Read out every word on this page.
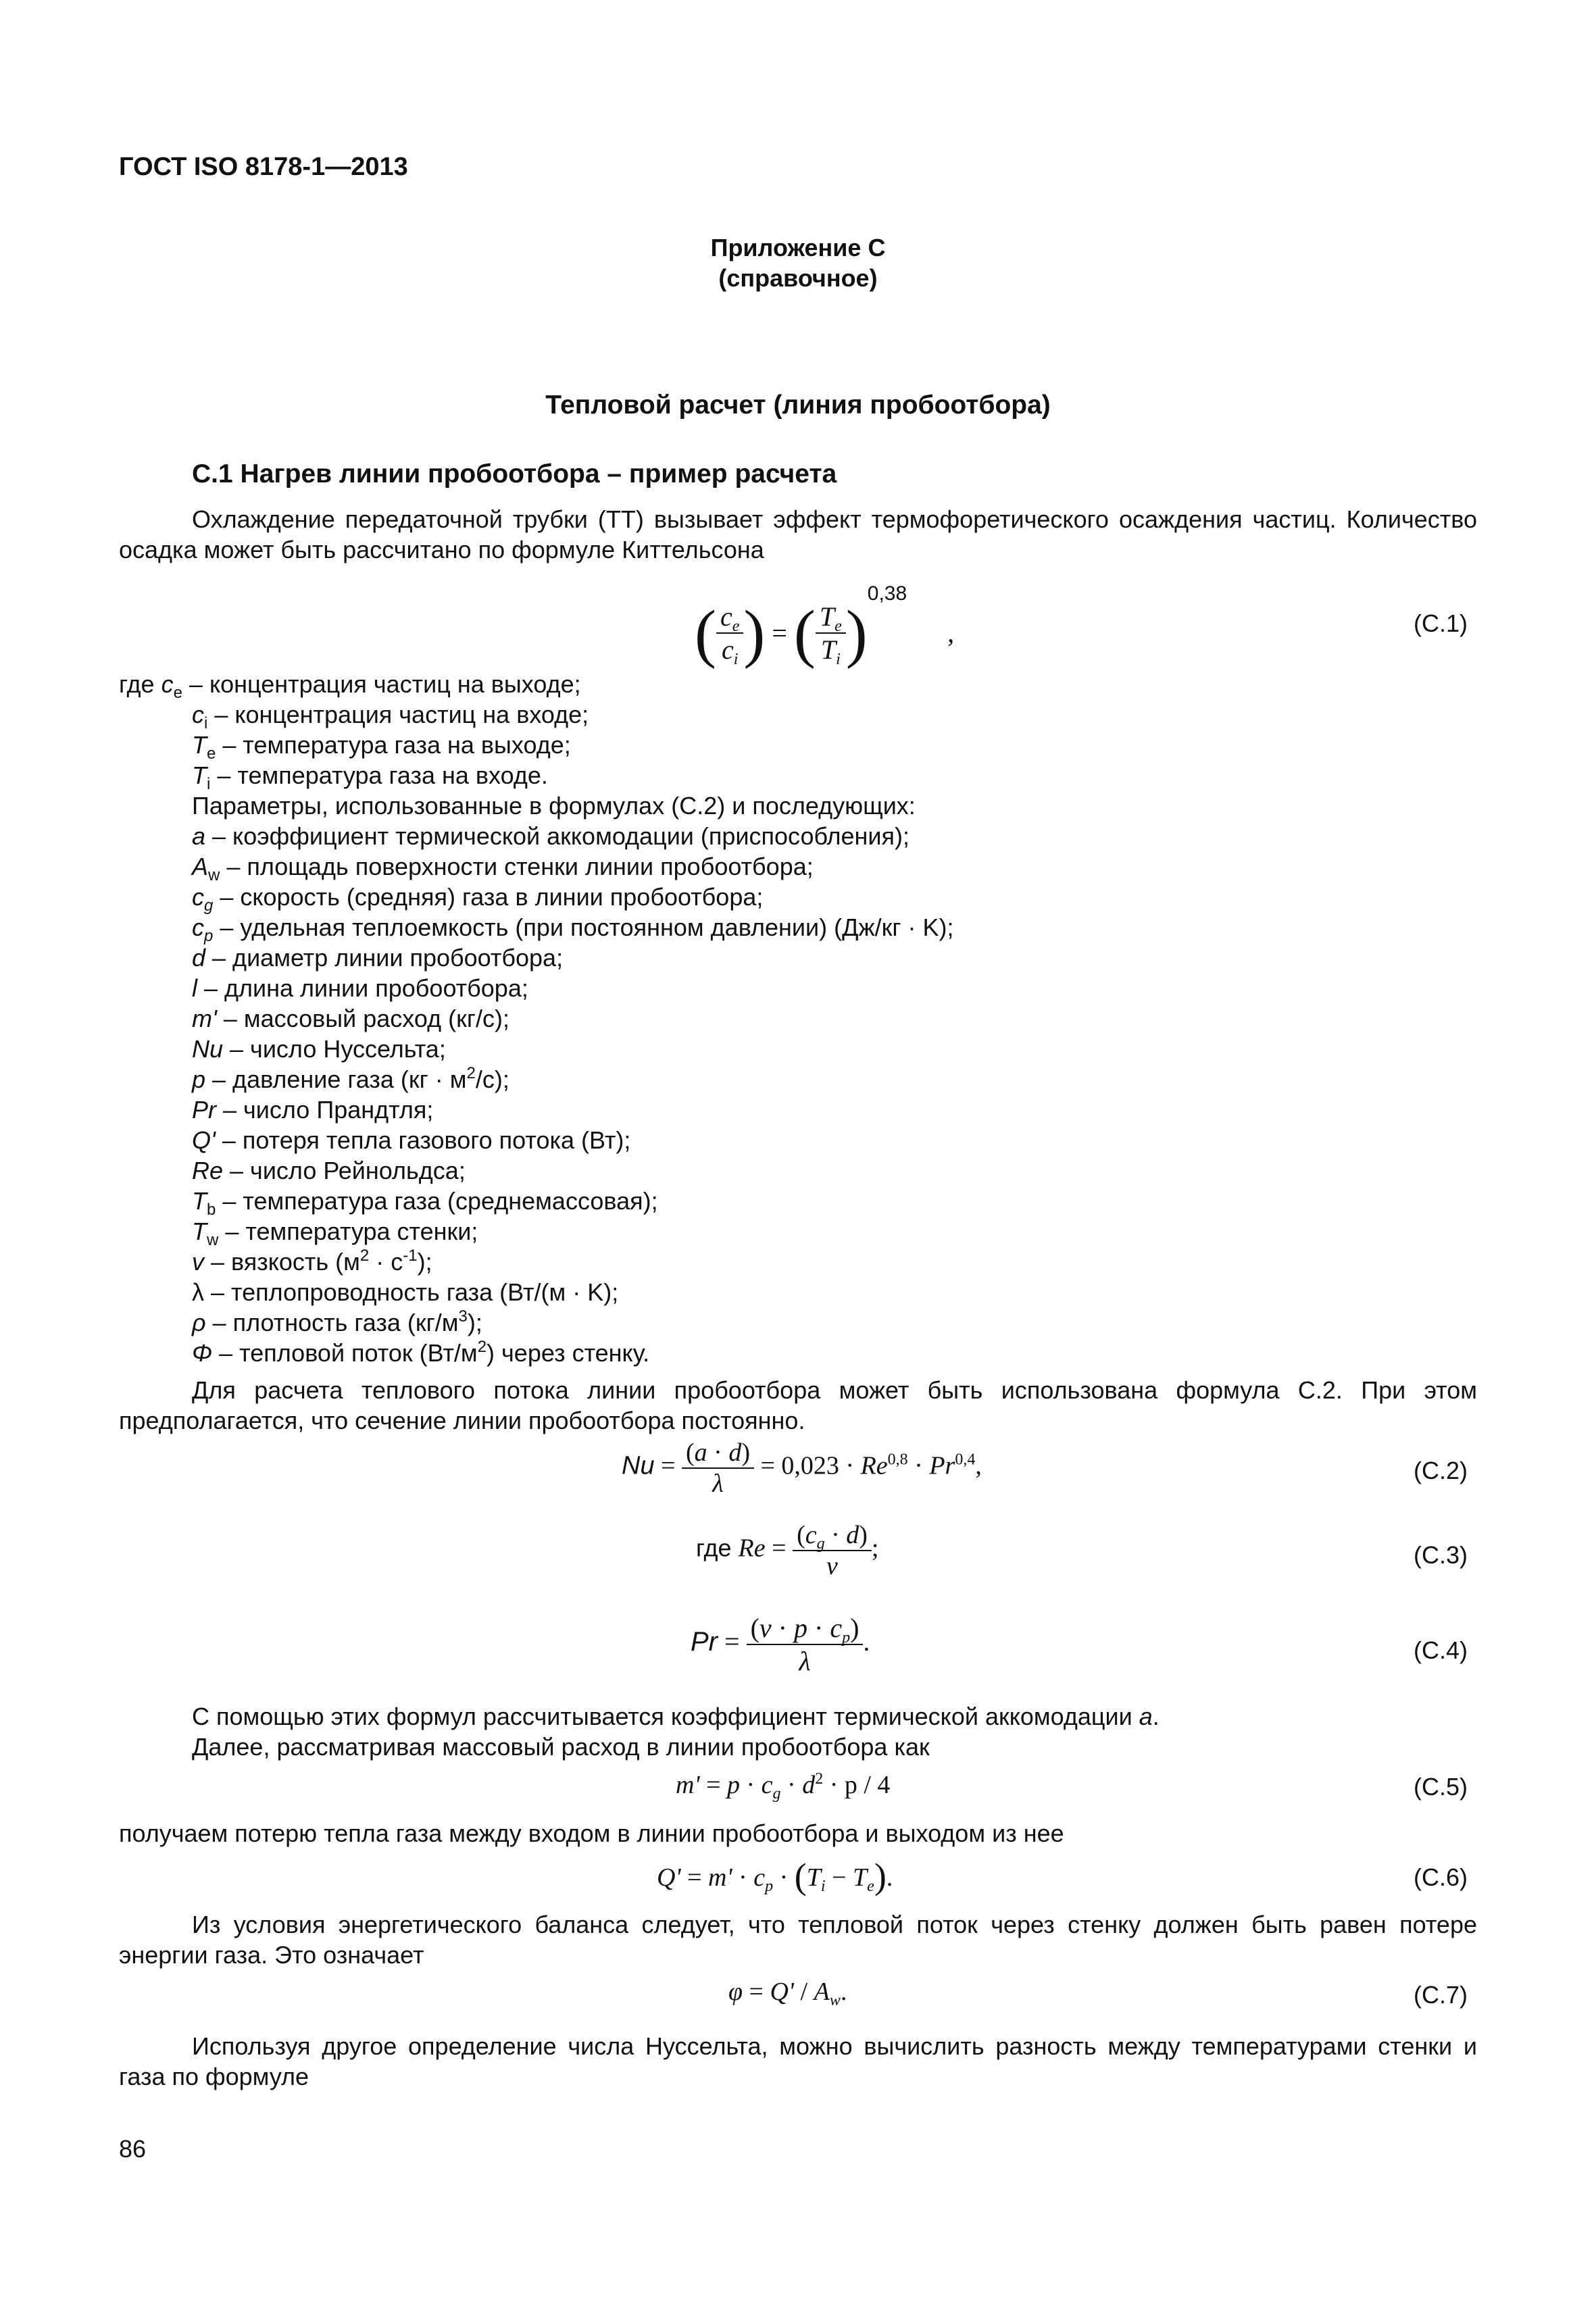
ГОСТ ISO 8178-1—2013
Приложение С
(справочное)
Тепловой расчет (линия пробоотбора)
С.1 Нагрев линии пробоотбора – пример расчета
Охлаждение передаточной трубки (ТТ) вызывает эффект термофоретического осаждения частиц. Количество осадка может быть рассчитано по формуле Киттельсона
( $\frac{c_e}{c_i}$ ) = ( $\frac{T_e}{T_i} )^{0,38}$ ,	(С.1)
где $c_e$ – концентрация частиц на выходе;
$c_i$ – концентрация частиц на входе;
$T_e$ – температура газа на выходе;
$T_i$ – температура газа на входе.
Параметры, использованные в формулах (С.2) и последующих:
a – коэффициент термической аккомодации (приспособления);
$A_w$ – площадь поверхности стенки линии пробоотбора;
$c_g$ – скорость (средняя) газа в линии пробоотбора;
$c_p$ – удельная теплоемкость (при постоянном давлении) (Дж/кг · K);
d – диаметр линии пробоотбора;
l – длина линии пробоотбора;
m' – массовый расход (кг/с);
Nu – число Нуссельта;
p – давление газа $(кг \cdot м^2/с)$;
Pr – число Прандтля;
Q' – потеря тепла газового потока (Вт);
Re – число Рейнольдса;
$T_b$ – температура газа (среднемассовая);
$T_w$ – температура стенки;
v – вязкость $(м^2 \cdot с^{-1})$;
λ – теплопроводность газа (Вт/(м · K);
ρ – плотность газа $(кг/м^3)$;
Φ – тепловой поток $(Вт/м^2)$ через стенку.
Для расчета теплового потока линии пробоотбора может быть использована формула С.2. При этом предполагается, что сечение линии пробоотбора постоянно.
$Nu = \frac{(a \cdot d)}{\lambda} = 0,023 \cdot Re^{0,8} \cdot Pr^{0,4}$,	(С.2)
где $Re = \frac{(c_g \cdot d)}{\nu}$ ;	(С.3)
$Pr = \frac{(\nu \cdot p \cdot c_p)}{\lambda}$ .	(С.4)
С помощью этих формул рассчитывается коэффициент термической аккомодации a.
Далее, рассматривая массовый расход в линии пробоотбора как
$m' = p \cdot c_g \cdot d^2 \cdot p / 4$	(С.5)
получаем потерю тепла газа между входом в линии пробоотбора и выходом из нее
$Q' = m' \cdot c_p \cdot (T_i - T_e)$.	(С.6)
Из условия энергетического баланса следует, что тепловой поток через стенку должен быть равен потере энергии газа. Это означает
$\varphi = Q' / A_w$.	(С.7)
Используя другое определение числа Нуссельта, можно вычислить разность между температурами стенки и газа по формуле
86
